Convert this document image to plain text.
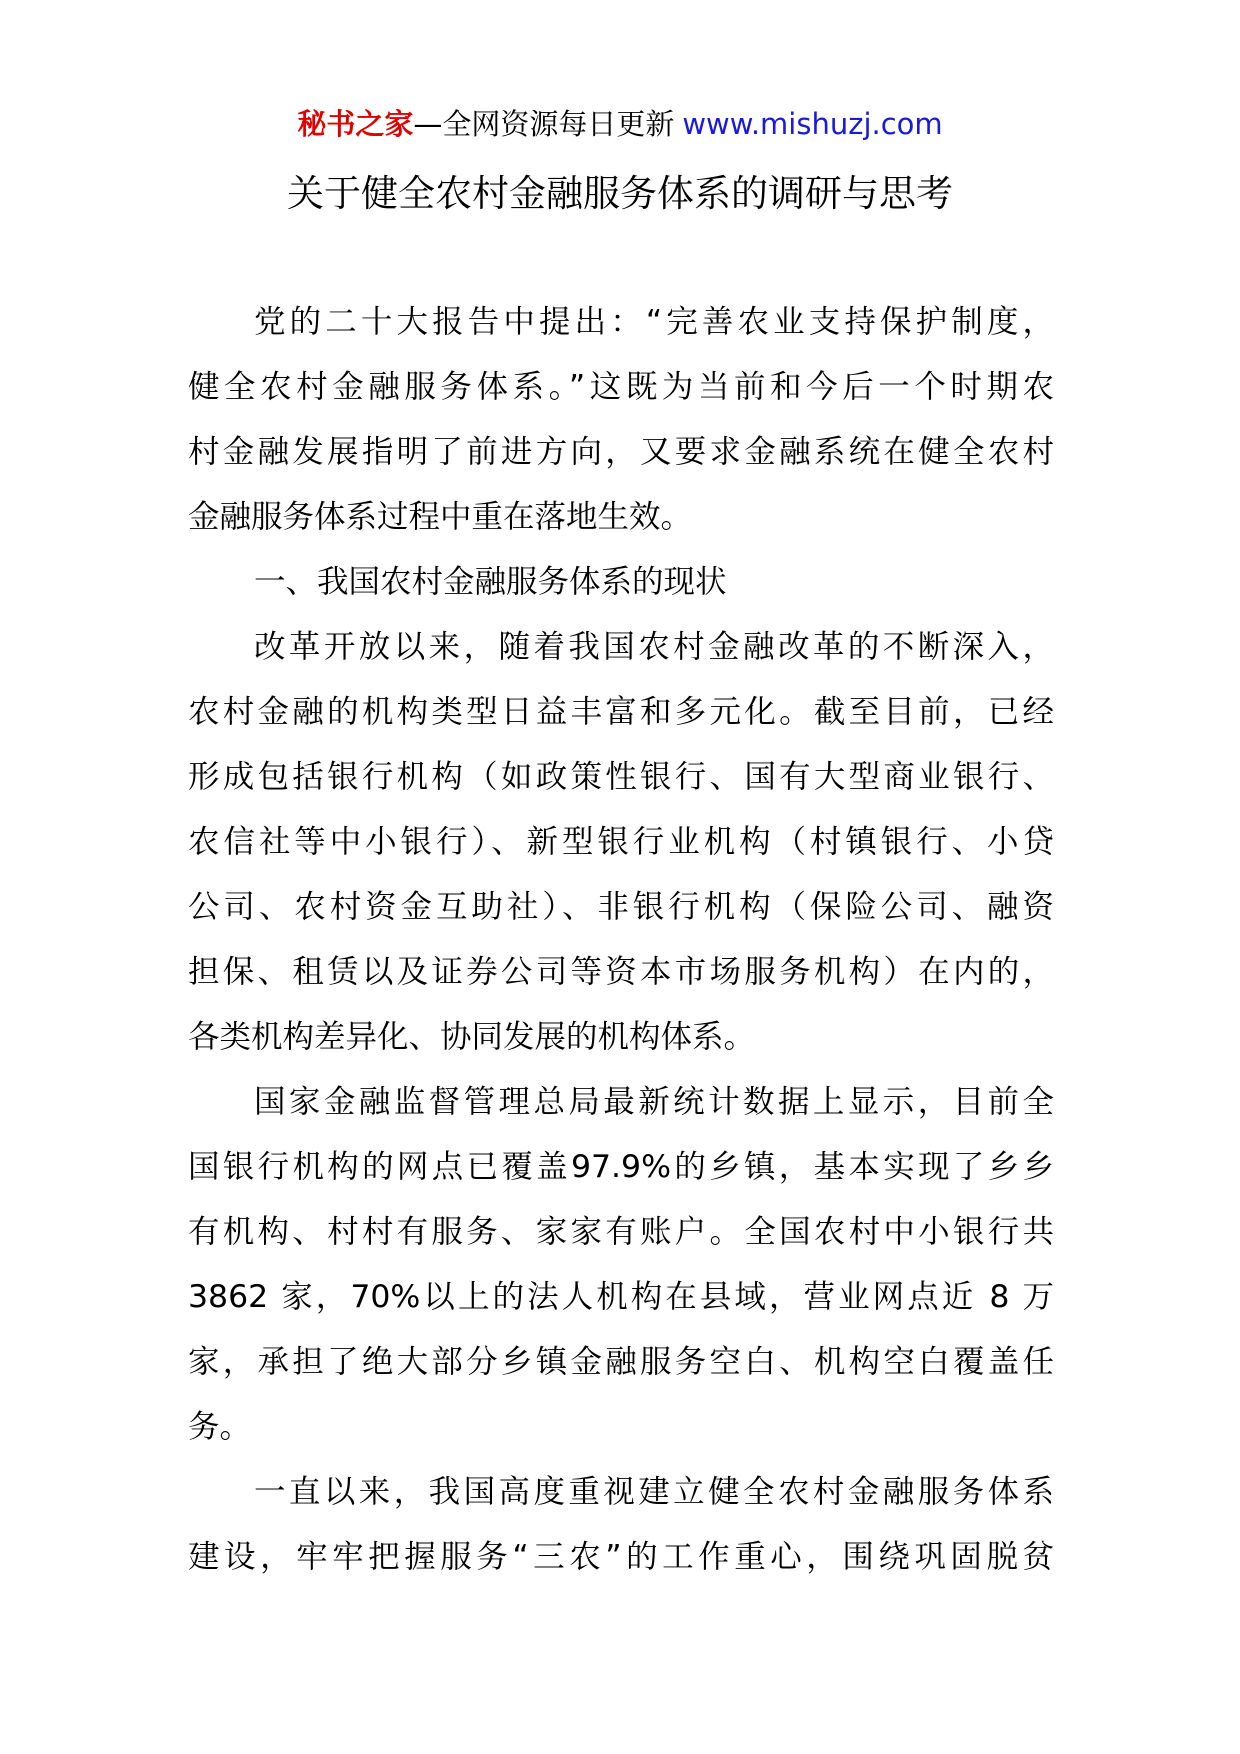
秘书之家—全网资源每日更新 www.mishuzj.com
关于健全农村金融服务体系的调研与思考
党的二十大报告中提出：“完善农业支持保护制度，
健全农村金融服务体系。”这既为当前和今后一个时期农
村金融发展指明了前进方向，又要求金融系统在健全农村
金融服务体系过程中重在落地生效。
一、我国农村金融服务体系的现状
改革开放以来，随着我国农村金融改革的不断深入，
农村金融的机构类型日益丰富和多元化。截至目前，已经
形成包括银行机构（如政策性银行、国有大型商业银行、
农信社等中小银行）、新型银行业机构（村镇银行、小贷
公司、农村资金互助社）、非银行机构（保险公司、融资
担保、租赁以及证券公司等资本市场服务机构）在内的，
各类机构差异化、协同发展的机构体系。
国家金融监督管理总局最新统计数据上显示，目前全
国银行机构的网点已覆盖97.9%的乡镇，基本实现了乡乡
有机构、村村有服务、家家有账户。全国农村中小银行共
3862 家，70%以上的法人机构在县域，营业网点近 8 万
家，承担了绝大部分乡镇金融服务空白、机构空白覆盖任
务。
一直以来，我国高度重视建立健全农村金融服务体系
建设，牢牢把握服务“三农”的工作重心，围绕巩固脱贫
